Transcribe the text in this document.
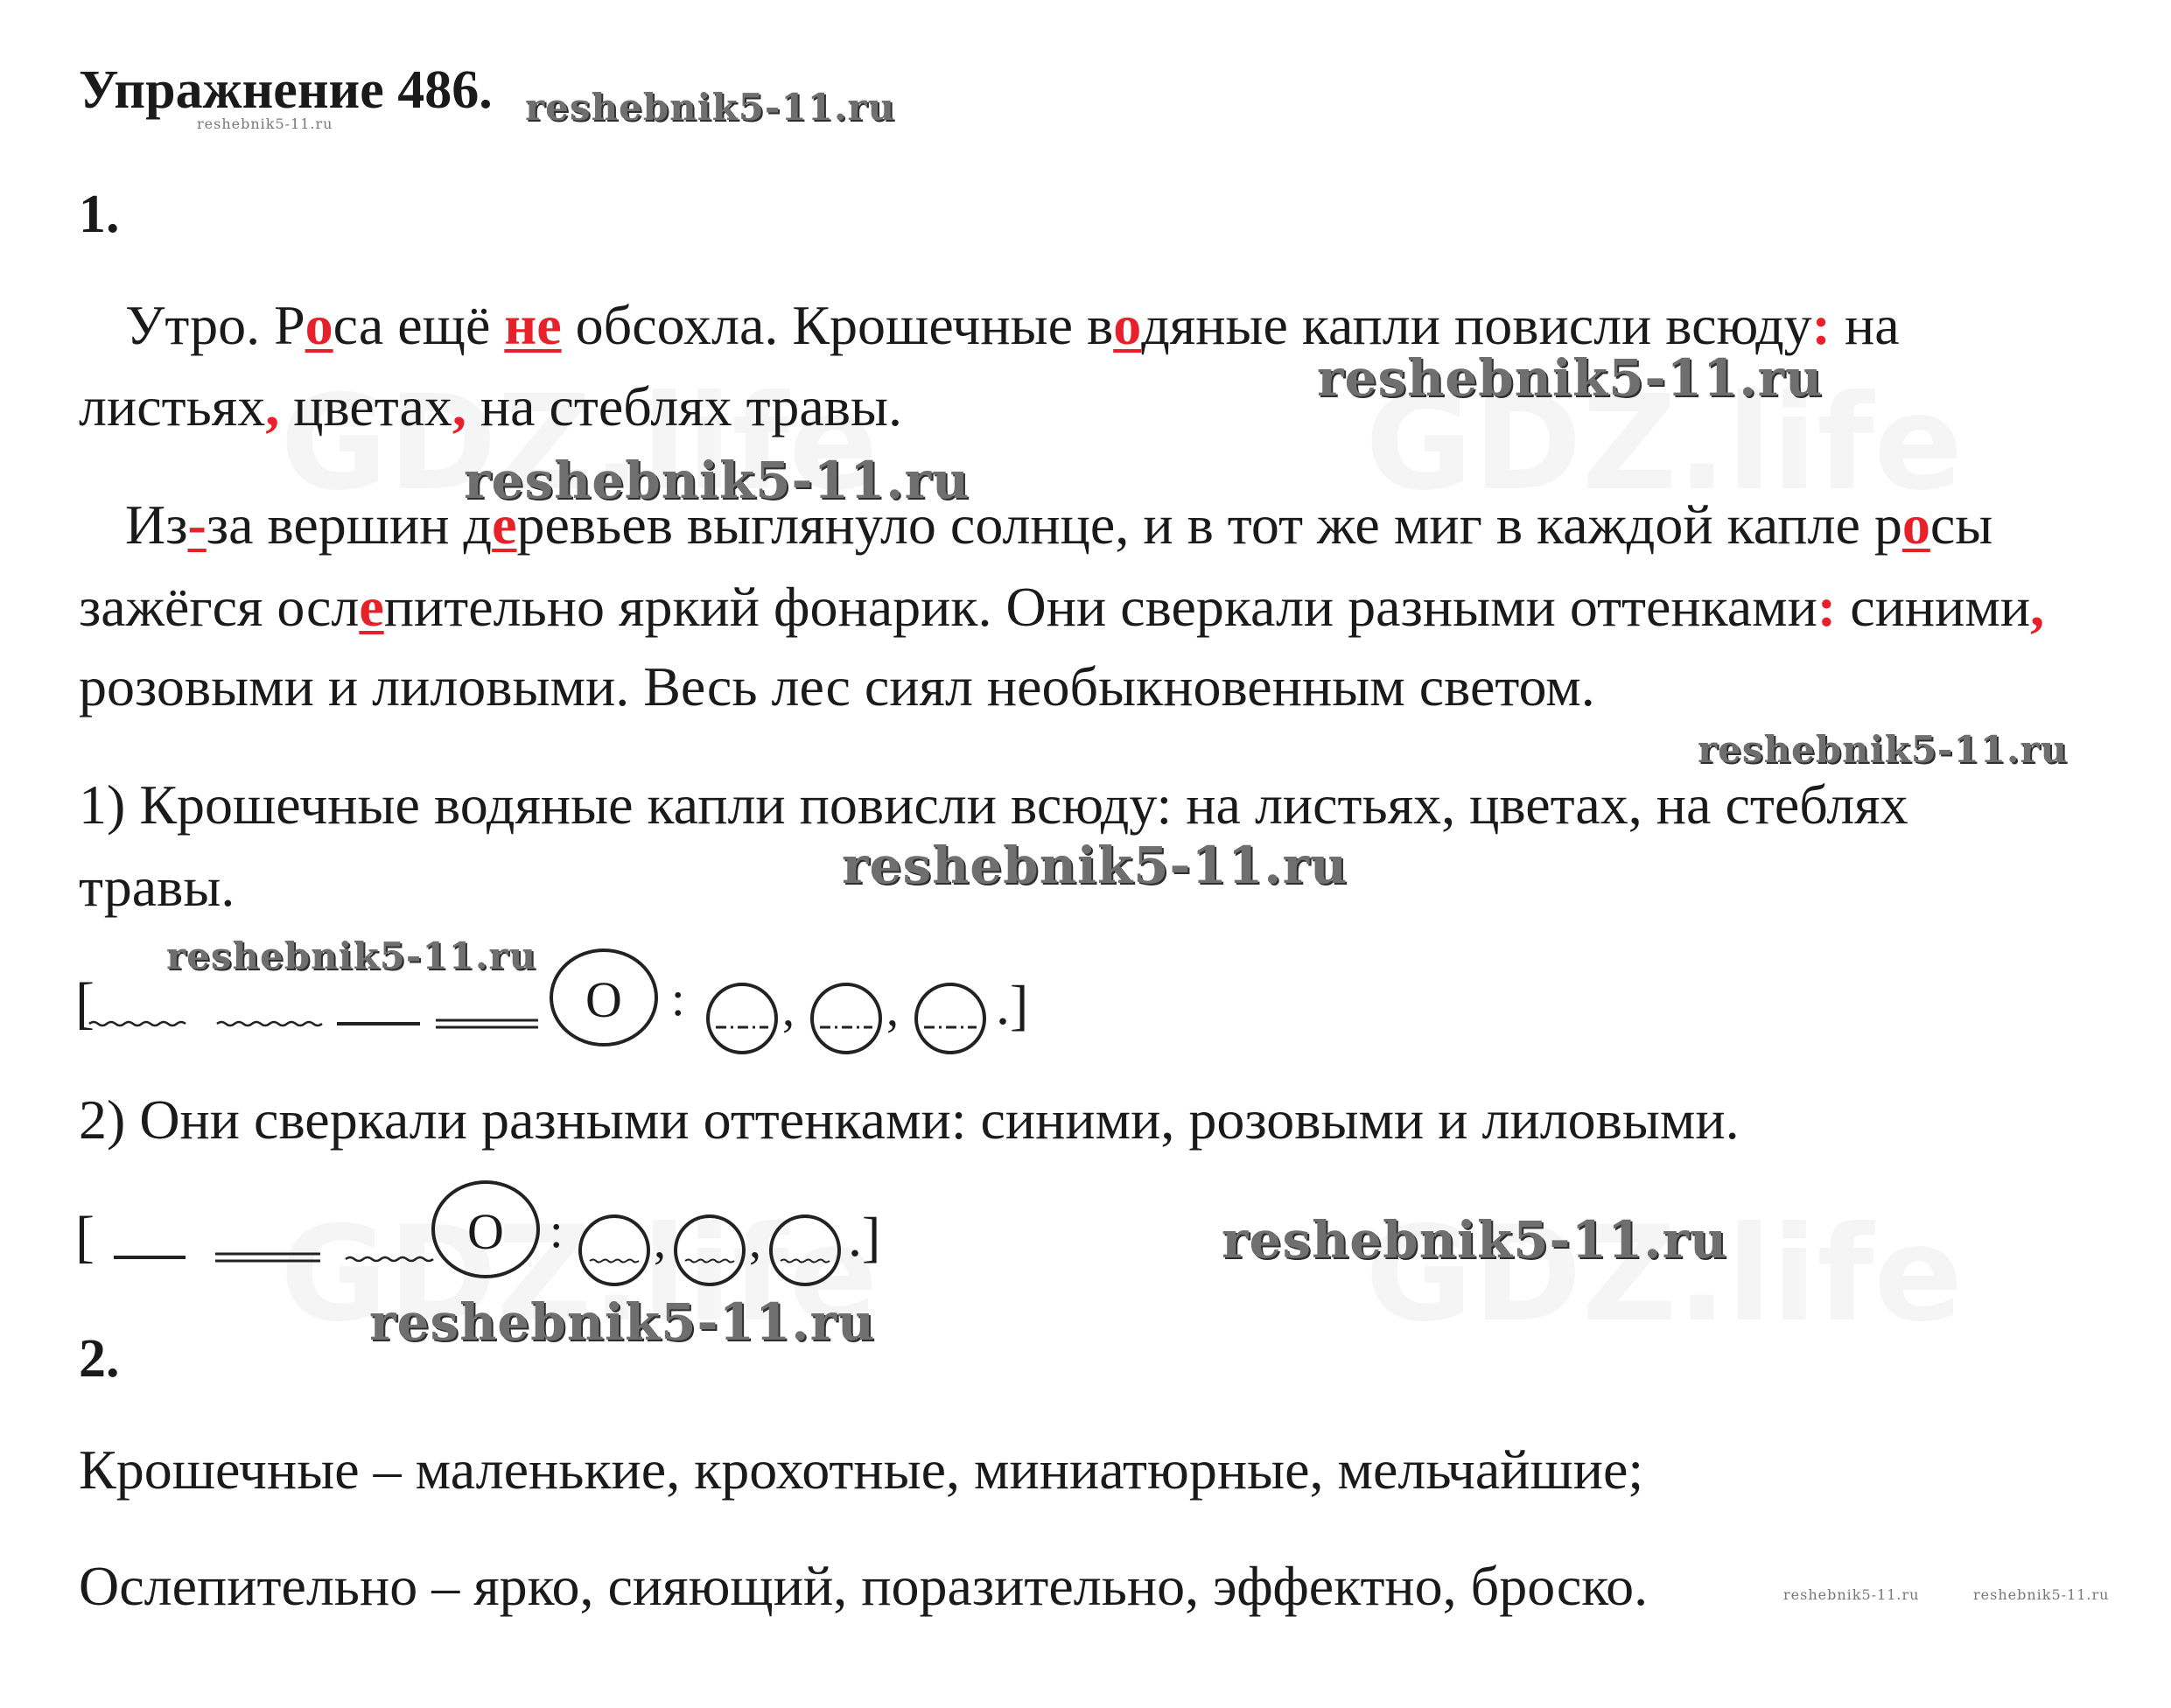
Упражнение 486.
1.
Утро. Роса ещё не обсохла. Крошечные водяные капли повисли всюду: на
листьях, цветах, на стеблях травы.
Из-за вершин деревьев выглянуло солнце, и в тот же миг в каждой капле росы
зажёгся ослепительно яркий фонарик. Они сверкали разными оттенками: синими,
розовыми и лиловыми. Весь лес сиял необыкновенным светом.
1) Крошечные водяные капли повисли всюду: на листьях, цветах, на стеблях
травы.
[	О : , , .]
2) Они сверкали разными оттенками: синими, розовыми и лиловыми.
[	О : , , .]
2.
Крошечные – маленькие, крохотные, миниатюрные, мельчайшие;
Ослепительно – ярко, сияющий, поразительно, эффектно, броско.
reshebnik5-11.ru
reshebnik5-11.ru
reshebnik5-11.ru
reshebnik5-11.ru
reshebnik5-11.ru
reshebnik5-11.ru
reshebnik5-11.ru
reshebnik5-11.ru
reshebnik5-11.ru
reshebnik5-11.ru	reshebnik5-11.ru
